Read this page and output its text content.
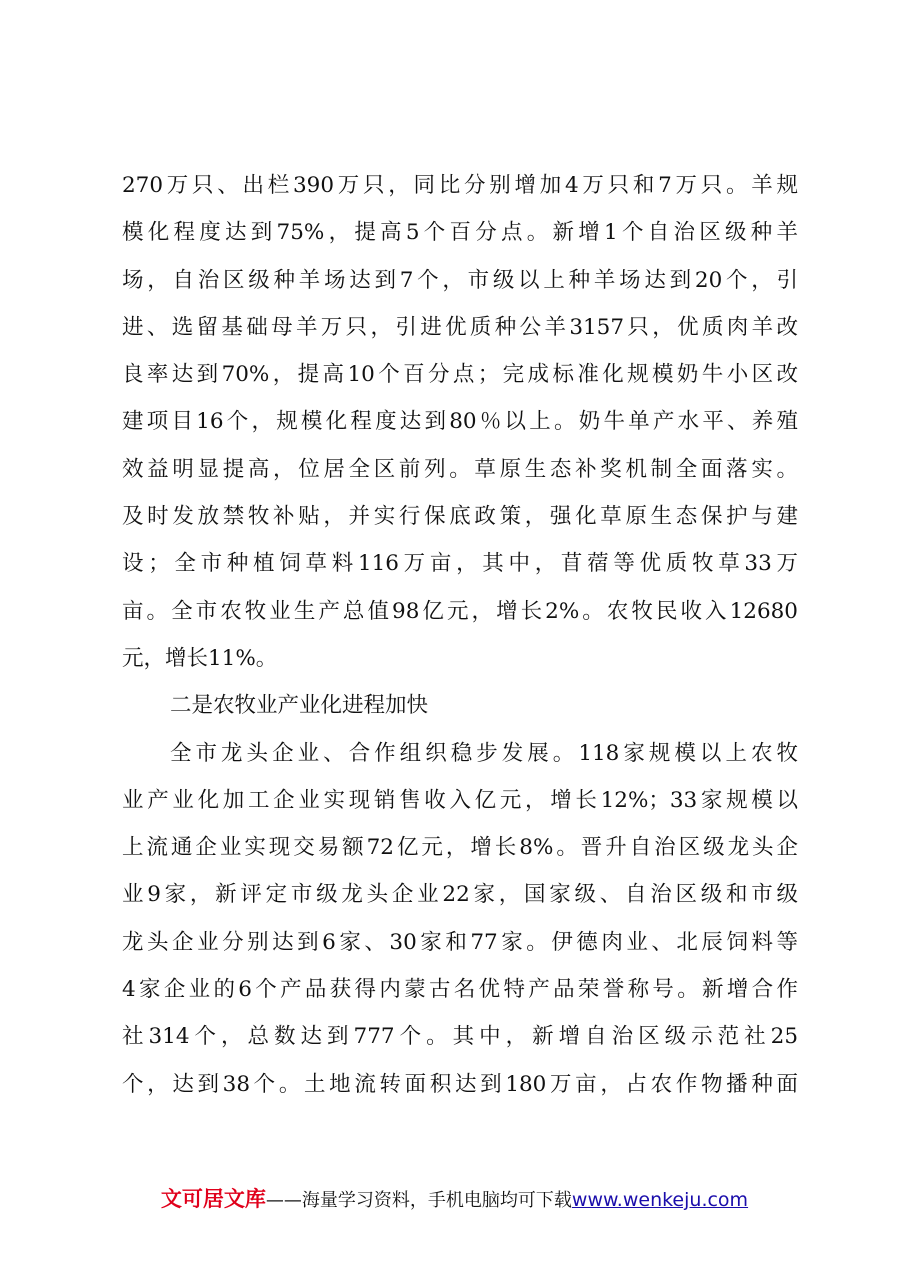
270万只、出栏390万只，同比分别增加4万只和7万只。羊规
模化程度达到75%，提高5个百分点。新增1个自治区级种羊
场，自治区级种羊场达到7个，市级以上种羊场达到20个，引
进、选留基础母羊万只，引进优质种公羊3157只，优质肉羊改
良率达到70%，提高10个百分点；完成标准化规模奶牛小区改
建项目16个，规模化程度达到80％以上。奶牛单产水平、养殖
效益明显提高，位居全区前列。草原生态补奖机制全面落实。
及时发放禁牧补贴，并实行保底政策，强化草原生态保护与建
设；全市种植饲草料116万亩，其中，苜蓿等优质牧草33万
亩。全市农牧业生产总值98亿元，增长2%。农牧民收入12680
元，增长11%。
二是农牧业产业化进程加快
全市龙头企业、合作组织稳步发展。118家规模以上农牧
业产业化加工企业实现销售收入亿元，增长12%；33家规模以
上流通企业实现交易额72亿元，增长8%。晋升自治区级龙头企
业9家，新评定市级龙头企业22家，国家级、自治区级和市级
龙头企业分别达到6家、30家和77家。伊德肉业、北辰饲料等
4家企业的6个产品获得内蒙古名优特产品荣誉称号。新增合作
社314个，总数达到777个。其中，新增自治区级示范社25
个，达到38个。土地流转面积达到180万亩，占农作物播种面
文可居文库——海量学习资料，手机电脑均可下载www.wenkeju.com
